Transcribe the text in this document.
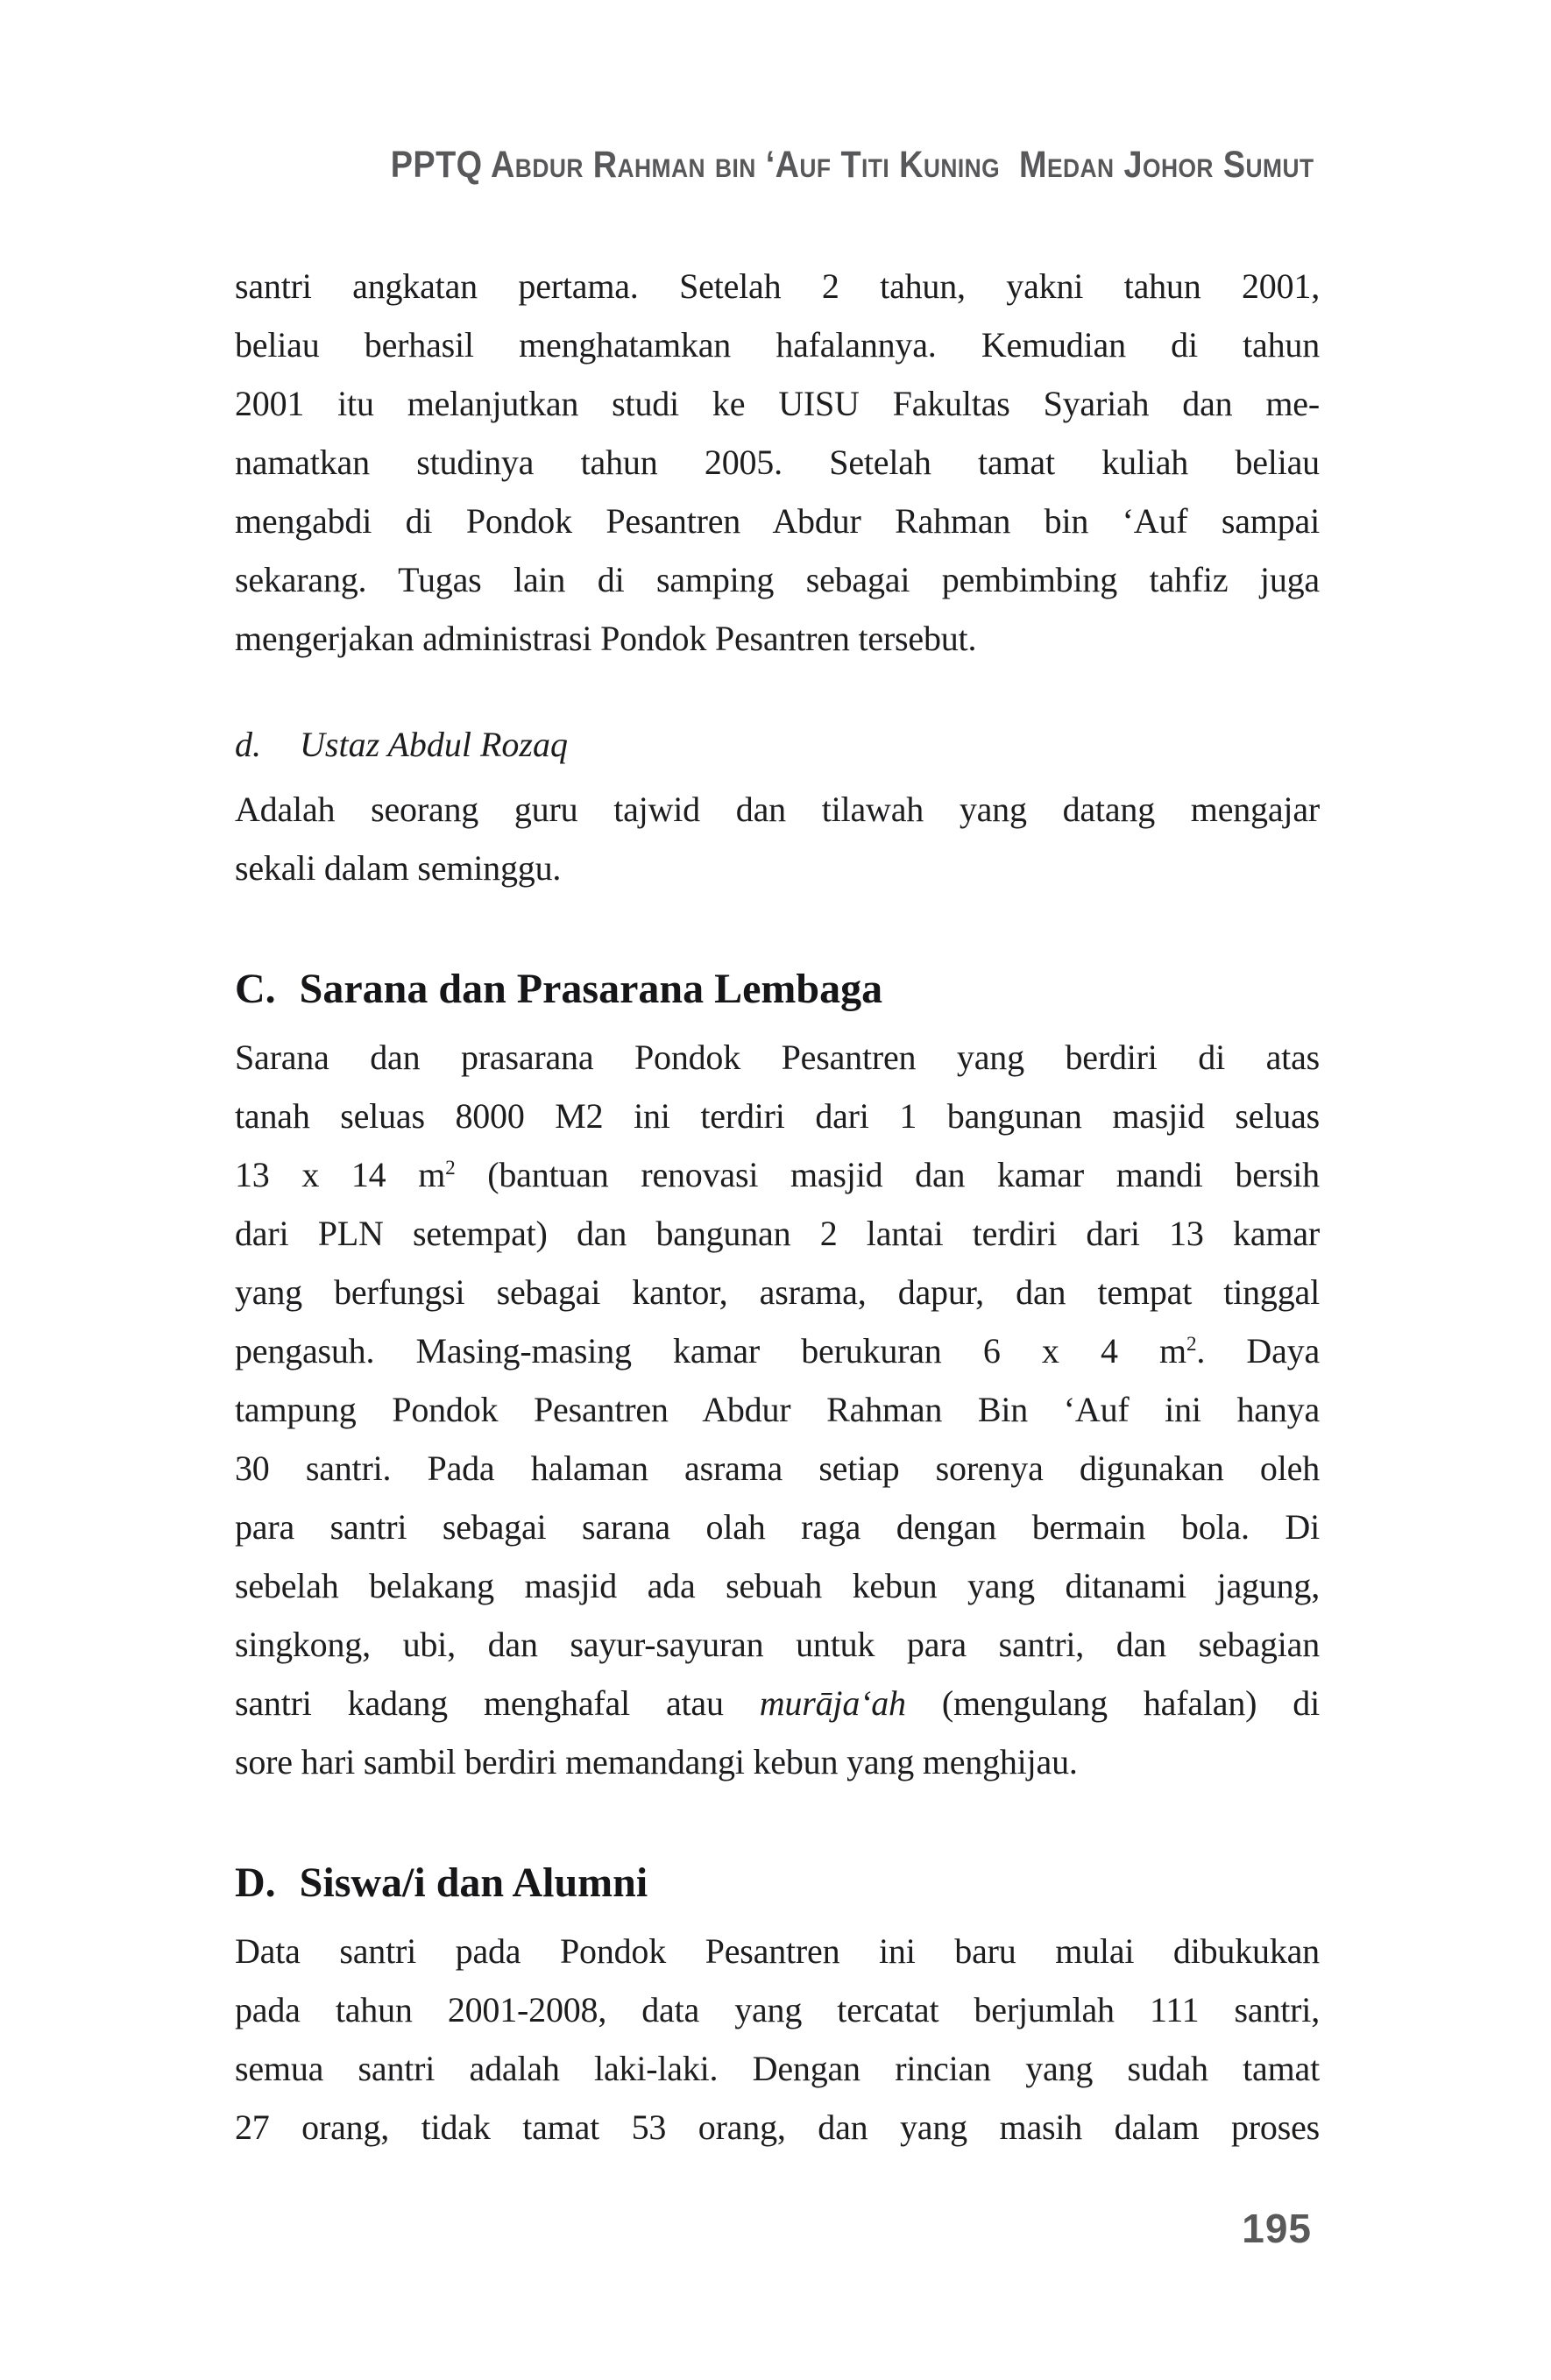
PPTQ Abdur Rahman bin ‘Auf Titi Kuning  Medan Johor Sumut
santri angkatan pertama. Setelah 2 tahun, yakni tahun 2001,
beliau berhasil menghatamkan hafalannya. Kemudian di tahun
2001 itu melanjutkan studi ke UISU Fakultas Syariah dan me-
namatkan studinya tahun 2005. Setelah tamat kuliah beliau
mengabdi di Pondok Pesantren Abdur Rahman bin ‘Auf sampai
sekarang. Tugas lain di samping sebagai pembimbing tahfiz juga
mengerjakan administrasi Pondok Pesantren tersebut.
d. Ustaz Abdul Rozaq
Adalah seorang guru tajwid dan tilawah yang datang mengajar
sekali dalam seminggu.
C. Sarana dan Prasarana Lembaga
Sarana dan prasarana Pondok Pesantren yang berdiri di atas
tanah seluas 8000 M2 ini terdiri dari 1 bangunan masjid seluas
13 x 14 $m^2$ (bantuan renovasi masjid dan kamar mandi bersih
dari PLN setempat) dan bangunan 2 lantai terdiri dari 13 kamar
yang berfungsi sebagai kantor, asrama, dapur, dan tempat tinggal
pengasuh. Masing-masing kamar berukuran 6 x 4 $m^2$. Daya
tampung Pondok Pesantren Abdur Rahman Bin ‘Auf ini hanya
30 santri. Pada halaman asrama setiap sorenya digunakan oleh
para santri sebagai sarana olah raga dengan bermain bola. Di
sebelah belakang masjid ada sebuah kebun yang ditanami jagung,
singkong, ubi, dan sayur-sayuran untuk para santri, dan sebagian
santri kadang menghafal atau murāja‘ah (mengulang hafalan) di
sore hari sambil berdiri memandangi kebun yang menghijau.
D. Siswa/i dan Alumni
Data santri pada Pondok Pesantren ini baru mulai dibukukan
pada tahun 2001-2008, data yang tercatat berjumlah 111 santri,
semua santri adalah laki-laki. Dengan rincian yang sudah tamat
27 orang, tidak tamat 53 orang, dan yang masih dalam proses
195
